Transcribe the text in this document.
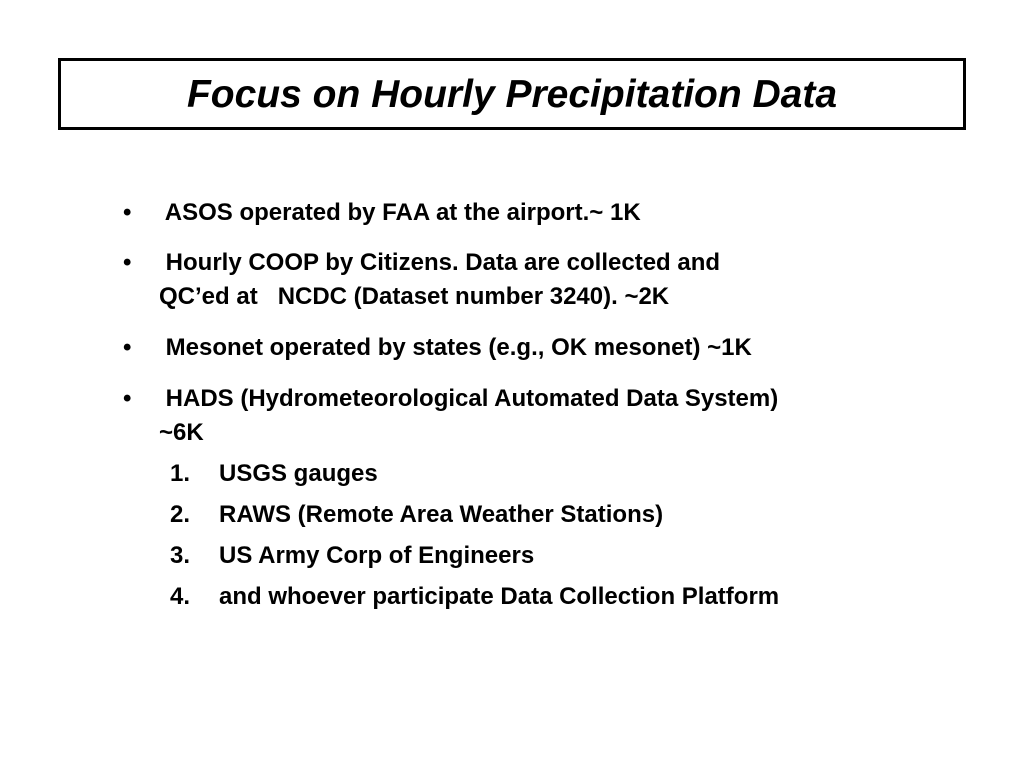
Focus on Hourly Precipitation Data
• ASOS operated by FAA at the airport.~ 1K
• Hourly COOP by Citizens. Data are collected and
QC’ed at   NCDC (Dataset number 3240). ~2K
• Mesonet operated by states (e.g., OK mesonet) ~1K
• HADS (Hydrometeorological Automated Data System)
~6K
1. USGS gauges
2. RAWS (Remote Area Weather Stations)
3. US Army Corp of Engineers
4. and whoever participate Data Collection Platform
